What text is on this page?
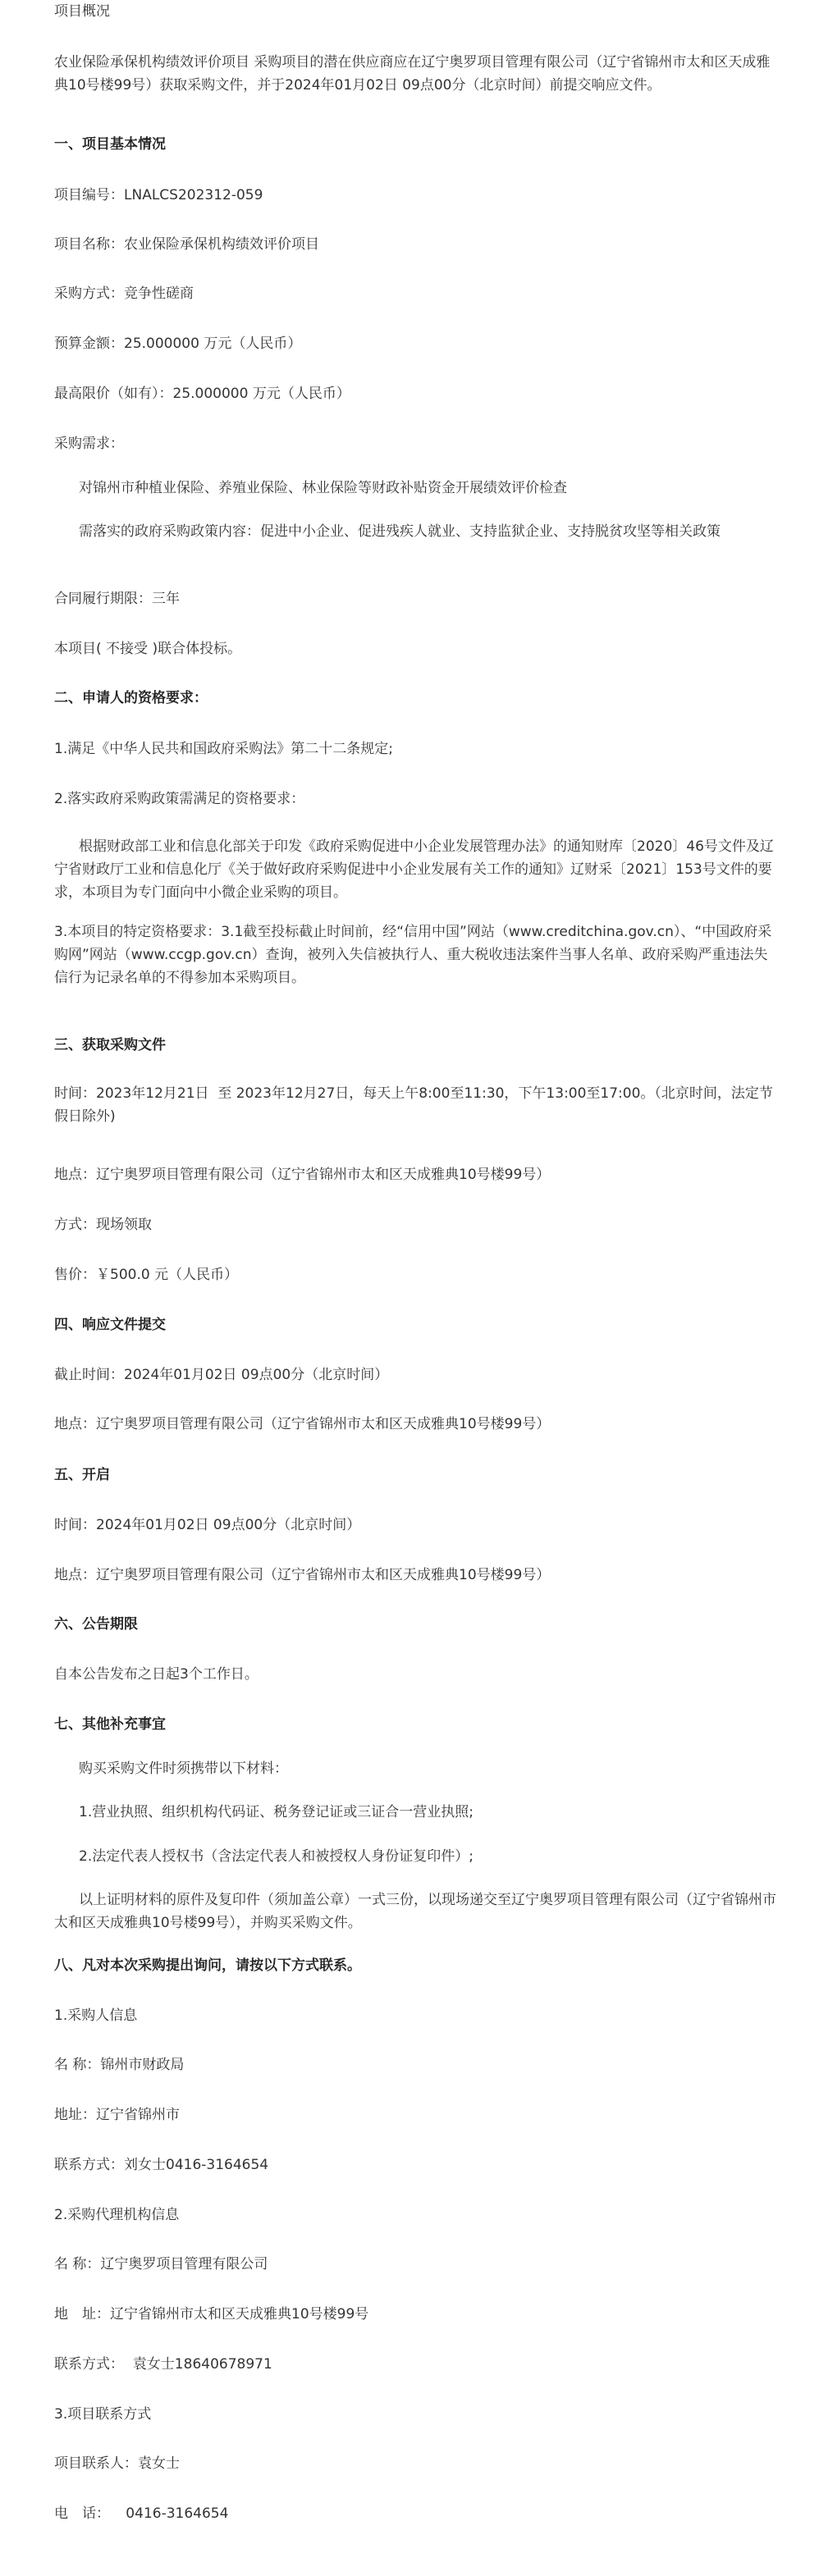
项目概况

农业保险承保机构绩效评价项目 采购项目的潜在供应商应在辽宁奥罗项目管理有限公司（辽宁省锦州市太和区天成雅典10号楼99号）获取采购文件，并于2024年01月02日 09点00分（北京时间）前提交响应文件。

一、项目基本情况

项目编号：LNALCS202312-059

项目名称：农业保险承保机构绩效评价项目

采购方式：竞争性磋商

预算金额：25.000000 万元（人民币）

最高限价（如有）：25.000000 万元（人民币）

采购需求：

对锦州市种植业保险、养殖业保险、林业保险等财政补贴资金开展绩效评价检查

需落实的政府采购政策内容：促进中小企业、促进残疾人就业、支持监狱企业、支持脱贫攻坚等相关政策

合同履行期限：三年

本项目( 不接受 )联合体投标。

二、申请人的资格要求：

1.满足《中华人民共和国政府采购法》第二十二条规定;

2.落实政府采购政策需满足的资格要求：

根据财政部工业和信息化部关于印发《政府采购促进中小企业发展管理办法》的通知财库〔2020〕46号文件及辽宁省财政厅工业和信息化厅《关于做好政府采购促进中小企业发展有关工作的通知》辽财采〔2021〕153号文件的要求，本项目为专门面向中小微企业采购的项目。

3.本项目的特定资格要求：3.1截至投标截止时间前，经“信用中国”网站（www.creditchina.gov.cn）、“中国政府采购网”网站（www.ccgp.gov.cn）查询，被列入失信被执行人、重大税收违法案件当事人名单、政府采购严重违法失信行为记录名单的不得参加本采购项目。

三、获取采购文件

时间：2023年12月21日  至 2023年12月27日，每天上午8:00至11:30，下午13:00至17:00。（北京时间，法定节假日除外)

地点：辽宁奥罗项目管理有限公司（辽宁省锦州市太和区天成雅典10号楼99号）

方式：现场领取

售价：￥500.0 元（人民币）

四、响应文件提交

截止时间：2024年01月02日 09点00分（北京时间）

地点：辽宁奥罗项目管理有限公司（辽宁省锦州市太和区天成雅典10号楼99号）

五、开启

时间：2024年01月02日 09点00分（北京时间）

地点：辽宁奥罗项目管理有限公司（辽宁省锦州市太和区天成雅典10号楼99号）

六、公告期限

自本公告发布之日起3个工作日。

七、其他补充事宜

购买采购文件时须携带以下材料：

1.营业执照、组织机构代码证、税务登记证或三证合一营业执照;

2.法定代表人授权书（含法定代表人和被授权人身份证复印件）;

以上证明材料的原件及复印件（须加盖公章）一式三份，以现场递交至辽宁奥罗项目管理有限公司（辽宁省锦州市太和区天成雅典10号楼99号），并购买采购文件。

八、凡对本次采购提出询问，请按以下方式联系。

1.采购人信息

名 称：锦州市财政局

地址：辽宁省锦州市

联系方式：刘女士0416-3164654

2.采购代理机构信息

名 称：辽宁奥罗项目管理有限公司

地　址：辽宁省锦州市太和区天成雅典10号楼99号

联系方式：  袁女士18640678971

3.项目联系方式

项目联系人：袁女士

电　话：　  0416-3164654
